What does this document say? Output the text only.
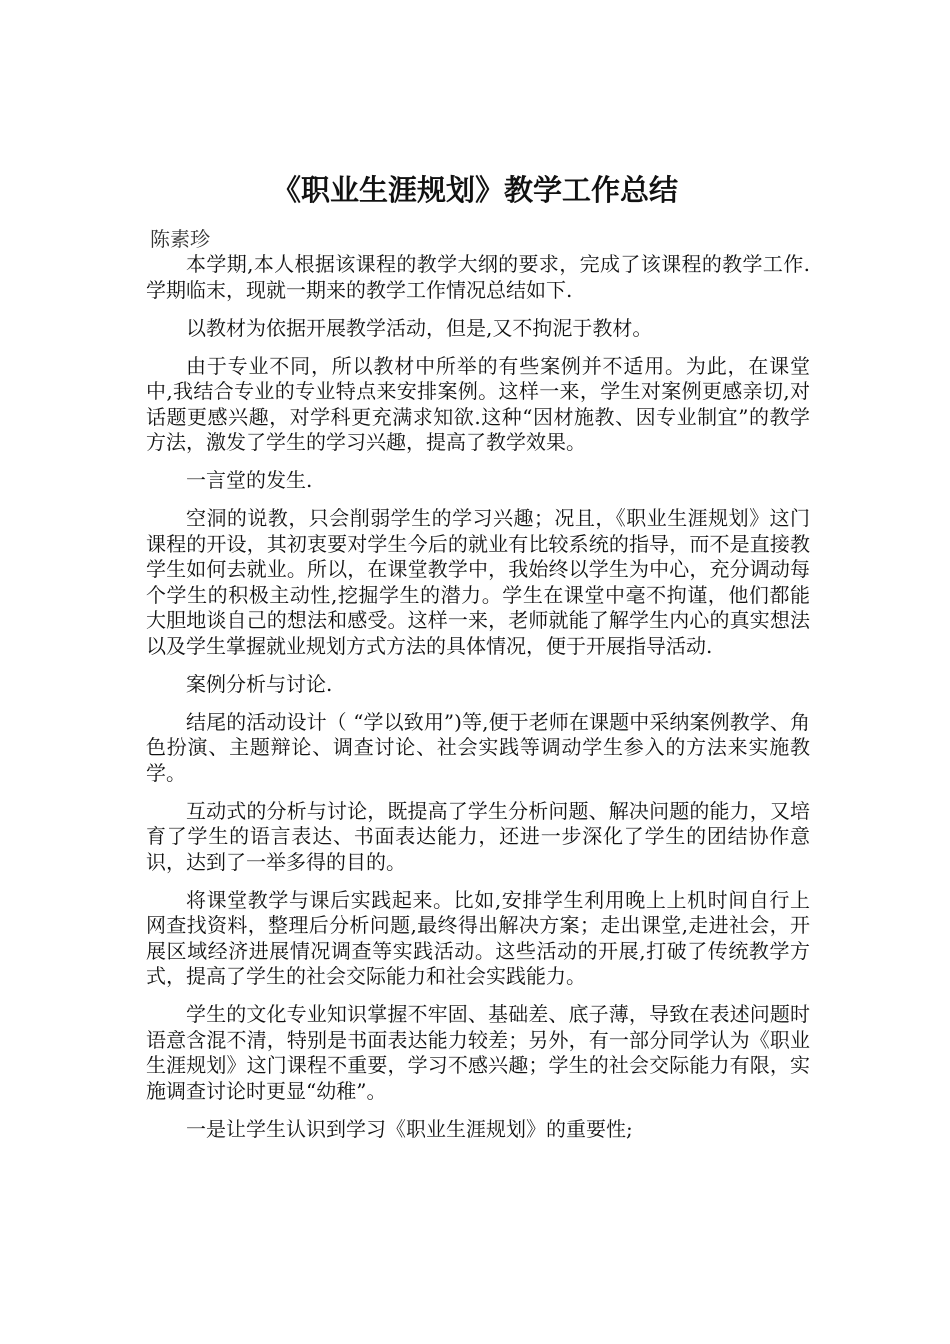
《职业生涯规划》教学工作总结

陈素珍

本学期,本人根据该课程的教学大纲的要求，完成了该课程的教学工作.学期临末，现就一期来的教学工作情况总结如下.

以教材为依据开展教学活动，但是,又不拘泥于教材。

由于专业不同，所以教材中所举的有些案例并不适用。为此，在课堂中,我结合专业的专业特点来安排案例。这样一来，学生对案例更感亲切,对话题更感兴趣，对学科更充满求知欲.这种“因材施教、因专业制宜”的教学方法，激发了学生的学习兴趣，提高了教学效果。

一言堂的发生.

空洞的说教，只会削弱学生的学习兴趣；况且，《职业生涯规划》这门课程的开设，其初衷要对学生今后的就业有比较系统的指导，而不是直接教学生如何去就业。所以，在课堂教学中，我始终以学生为中心，充分调动每个学生的积极主动性,挖掘学生的潜力。学生在课堂中毫不拘谨，他们都能大胆地谈自己的想法和感受。这样一来，老师就能了解学生内心的真实想法以及学生掌握就业规划方式方法的具体情况，便于开展指导活动.

案例分析与讨论.

结尾的活动设计（ “学以致用”)等,便于老师在课题中采纳案例教学、角色扮演、主题辩论、调查讨论、社会实践等调动学生参入的方法来实施教学。

互动式的分析与讨论，既提高了学生分析问题、解决问题的能力，又培育了学生的语言表达、书面表达能力，还进一步深化了学生的团结协作意识，达到了一举多得的目的。

将课堂教学与课后实践起来。比如,安排学生利用晚上上机时间自行上网查找资料，整理后分析问题,最终得出解决方案；走出课堂,走进社会，开展区域经济进展情况调查等实践活动。这些活动的开展,打破了传统教学方式，提高了学生的社会交际能力和社会实践能力。

学生的文化专业知识掌握不牢固、基础差、底子薄，导致在表述问题时语意含混不清，特别是书面表达能力较差；另外，有一部分同学认为《职业生涯规划》这门课程不重要，学习不感兴趣；学生的社会交际能力有限，实施调查讨论时更显“幼稚”。

一是让学生认识到学习《职业生涯规划》的重要性;
